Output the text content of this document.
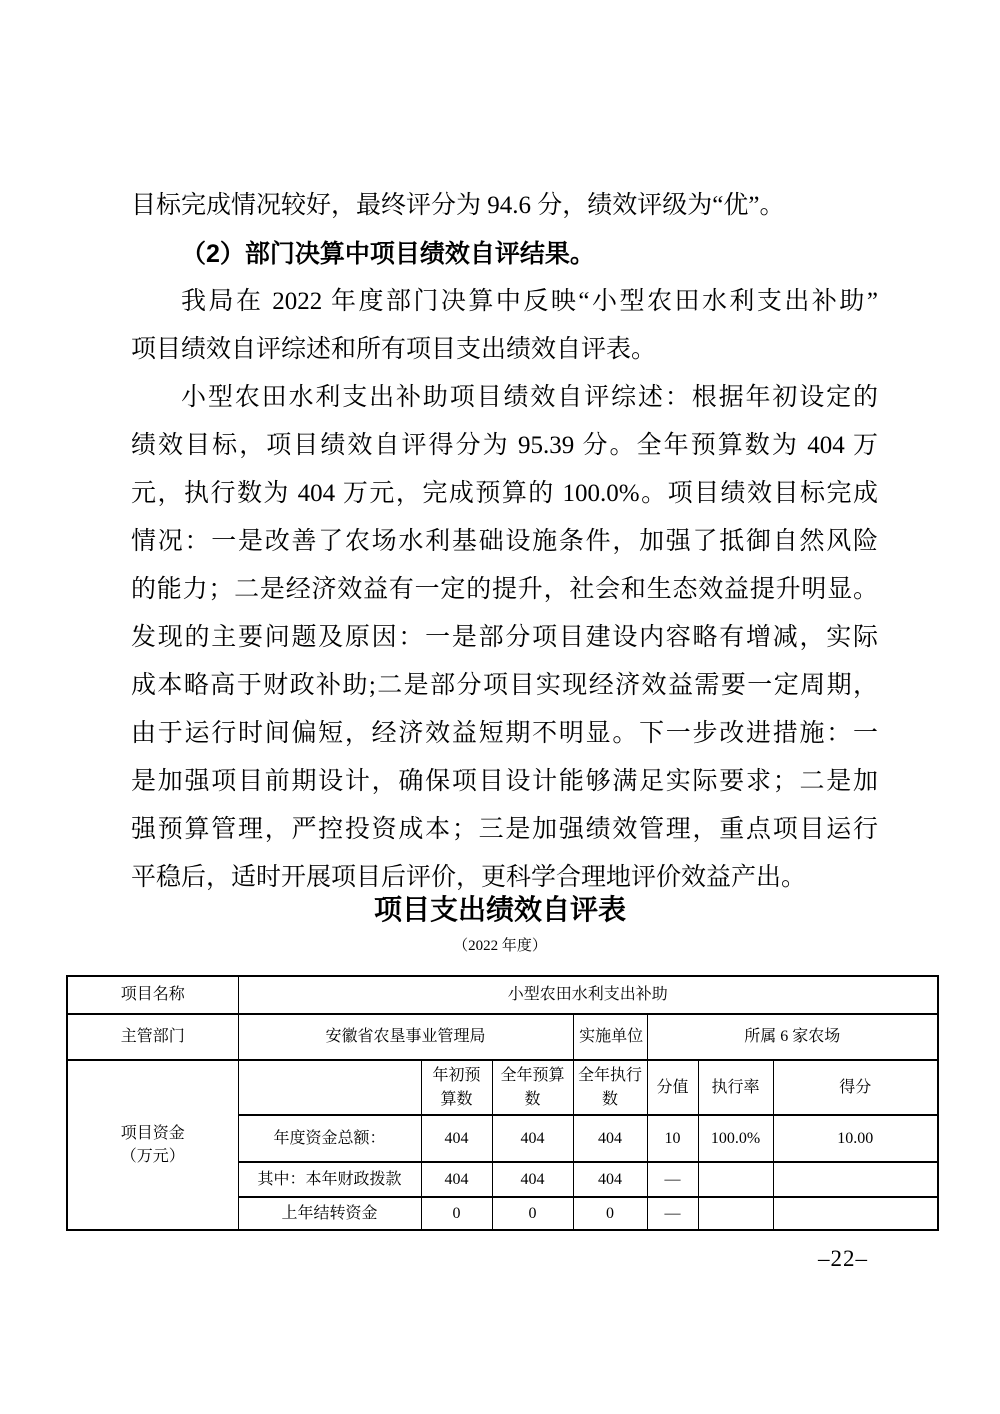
目标完成情况较好，最终评分为 94.6 分，绩效评级为“优”。
（2）部门决算中项目绩效自评结果。
我局在 2022 年度部门决算中反映“小型农田水利支出补助”
项目绩效自评综述和所有项目支出绩效自评表。
小型农田水利支出补助项目绩效自评综述：根据年初设定的
绩效目标，项目绩效自评得分为 95.39 分。全年预算数为 404 万
元，执行数为 404 万元，完成预算的 100.0%。项目绩效目标完成
情况：一是改善了农场水利基础设施条件，加强了抵御自然风险
的能力；二是经济效益有一定的提升，社会和生态效益提升明显。
发现的主要问题及原因：一是部分项目建设内容略有增减，实际
成本略高于财政补助;二是部分项目实现经济效益需要一定周期，
由于运行时间偏短，经济效益短期不明显。下一步改进措施：一
是加强项目前期设计，确保项目设计能够满足实际要求；二是加
强预算管理，严控投资成本；三是加强绩效管理，重点项目运行
平稳后，适时开展项目后评价，更科学合理地评价效益产出。
项目支出绩效自评表
（2022 年度）
项目名称	小型农田水利支出补助						
主管部门	安徽省农垦事业管理局			实施单位	所属 6 家农场		
项目资金（万元）		年初预算数	全年预算数	全年执行数	分值	执行率	得分
	年度资金总额：	404	404	404	10	100.0%	10.00
	其中：本年财政拨款	404	404	404	—		
	上年结转资金	0	0	0	—		
–22–
